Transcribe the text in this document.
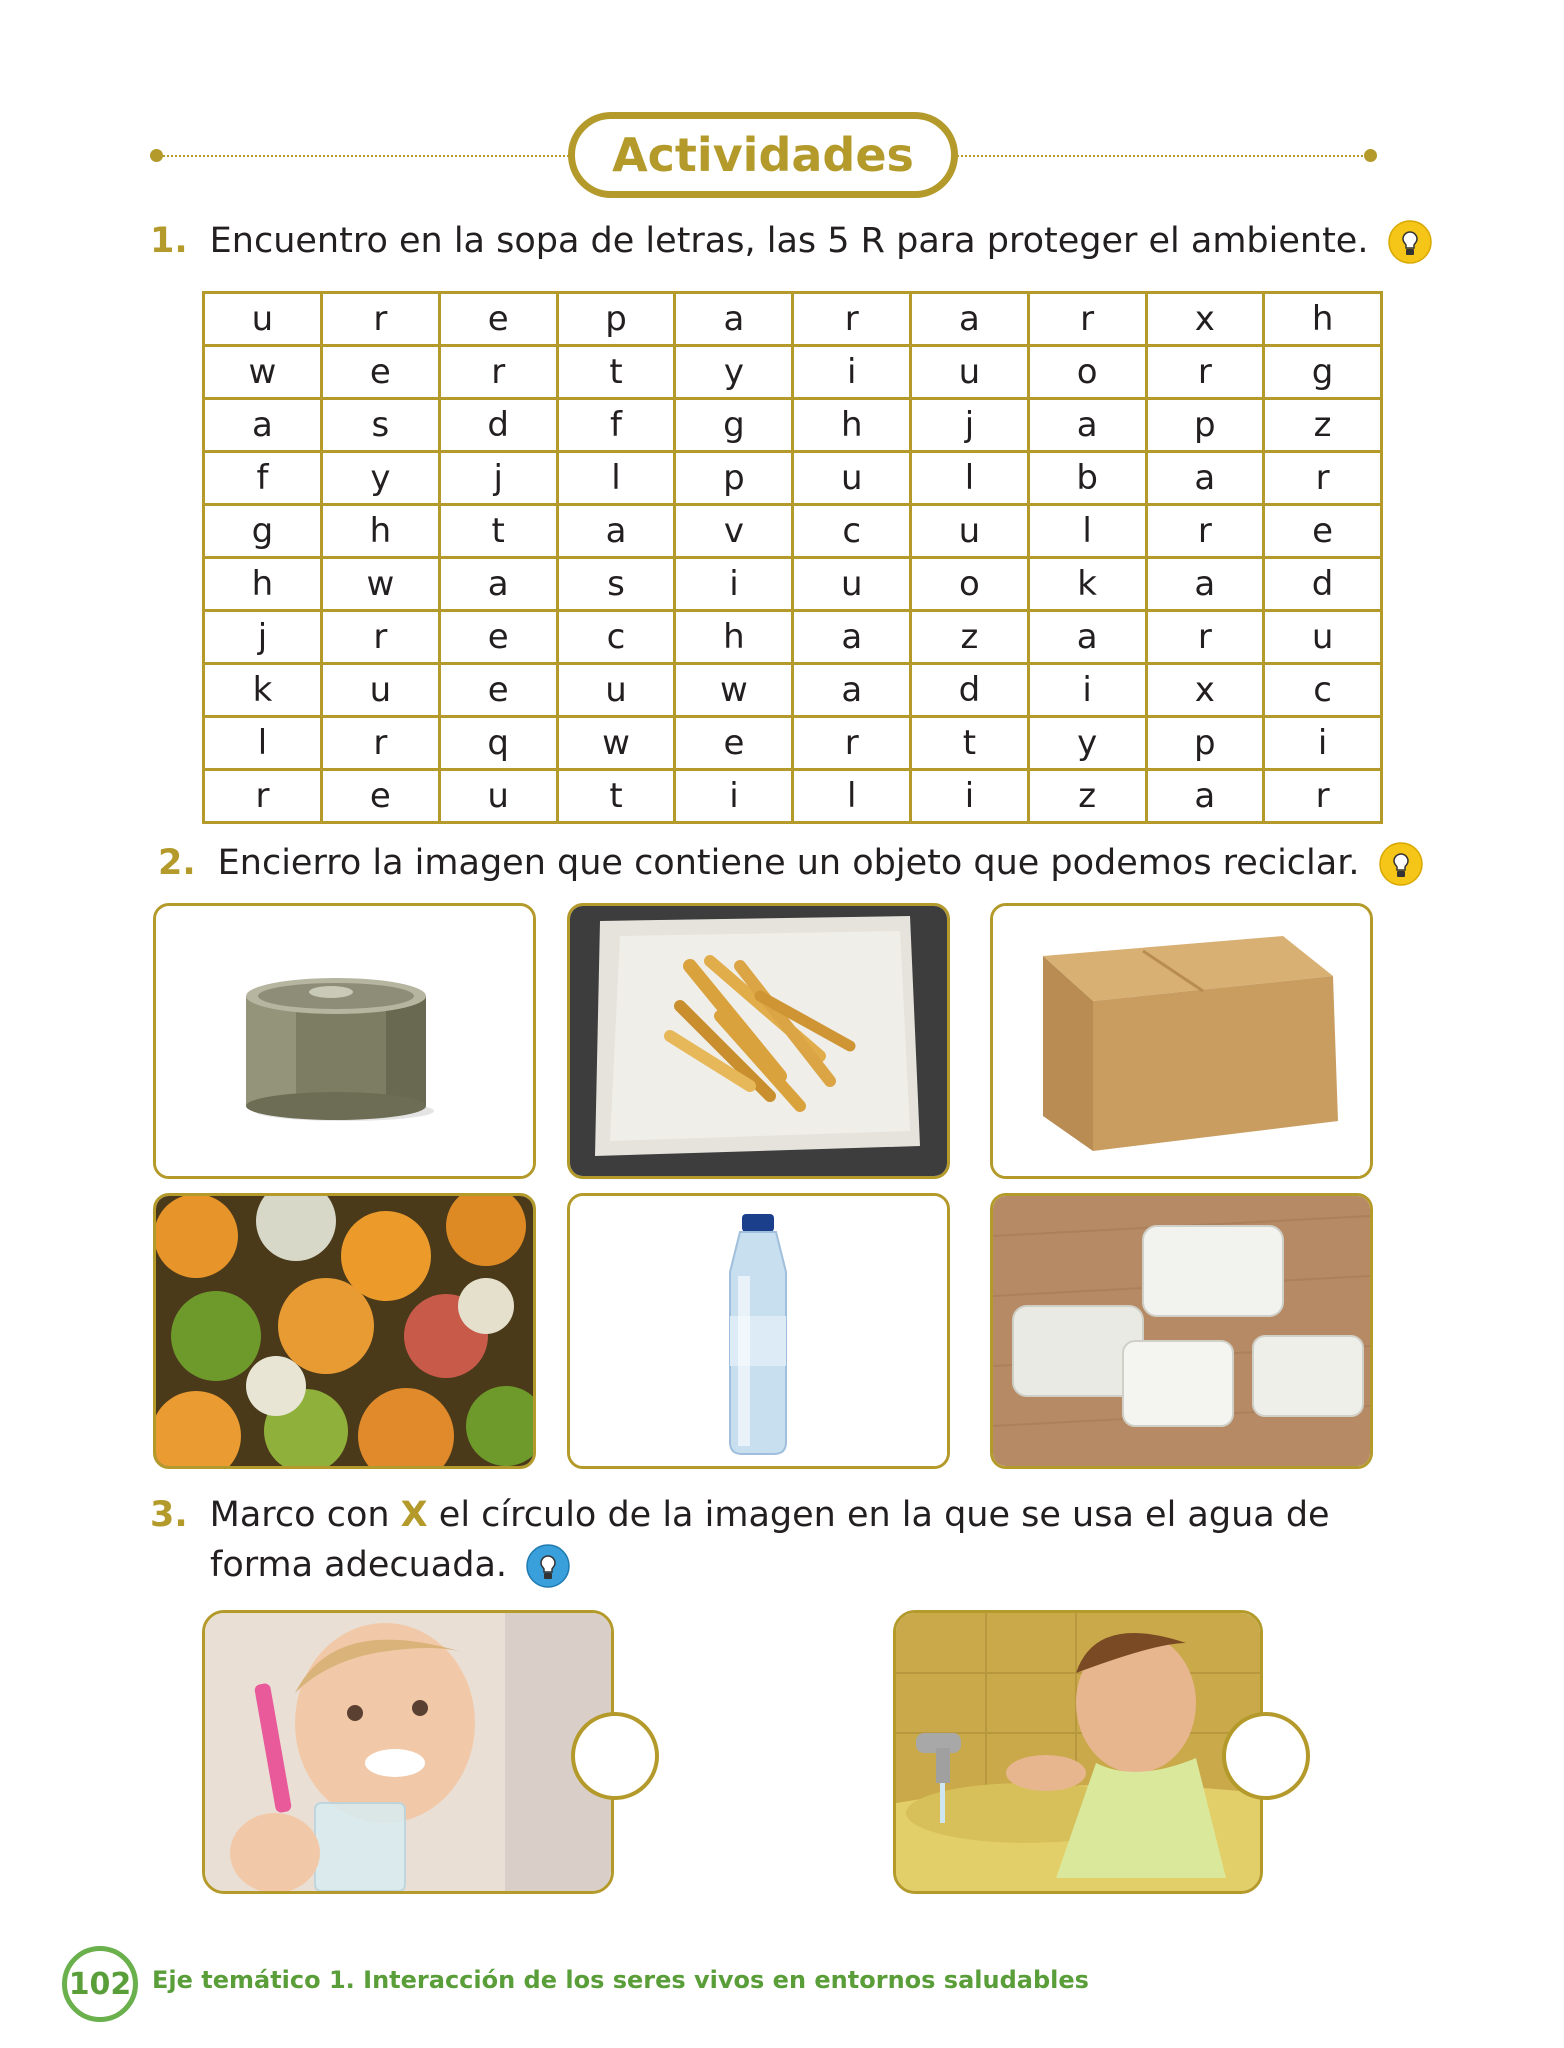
Actividades
1. Encuentro en la sopa de letras, las 5 R para proteger el ambiente.
u	r	e	p	a	r	a	r	x	h
w	e	r	t	y	i	u	o	r	g
a	s	d	f	g	h	j	a	p	z
f	y	j	l	p	u	l	b	a	r
g	h	t	a	v	c	u	l	r	e
h	w	a	s	i	u	o	k	a	d
j	r	e	c	h	a	z	a	r	u
k	u	e	u	w	a	d	i	x	c
l	r	q	w	e	r	t	y	p	i
r	e	u	t	i	l	i	z	a	r
2. Encierro la imagen que contiene un objeto que podemos reciclar.
3. Marco con X el círculo de la imagen en la que se usa el agua de
forma adecuada.
102 Eje temático 1. Interacción de los seres vivos en entornos saludables
